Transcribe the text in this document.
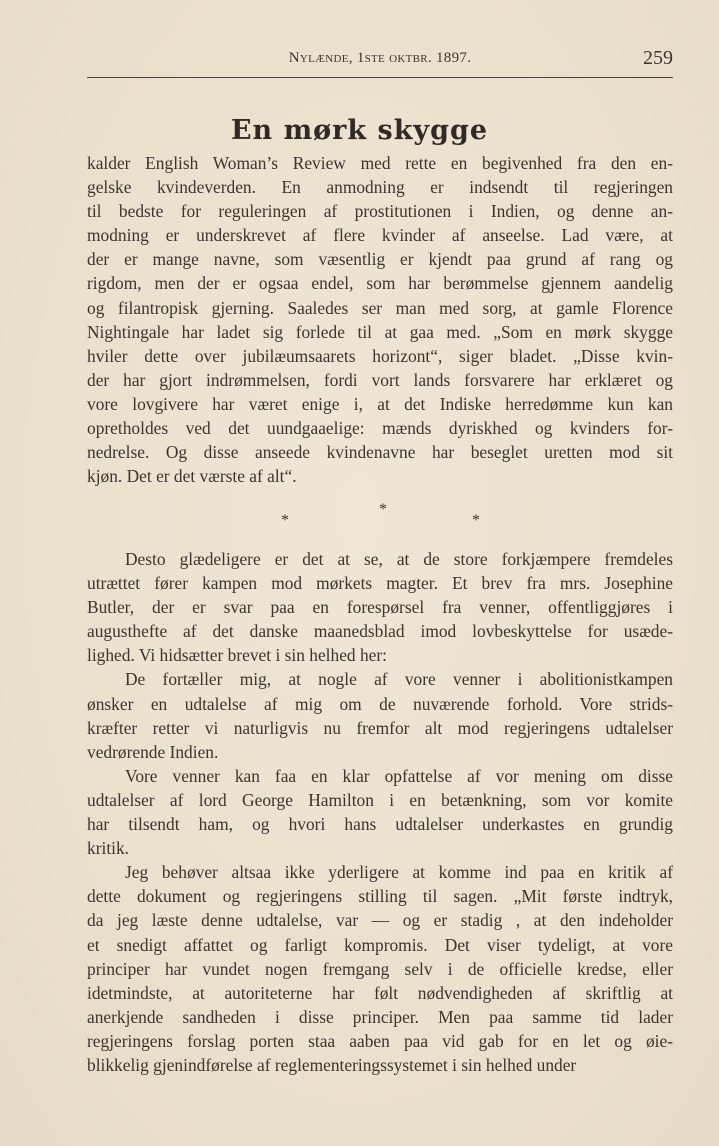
Nylænde, 1ste oktbr. 1897.	259
En mørk skygge
kalder English Woman’s Review med rette en begivenhed fra den en-
gelske kvindeverden. En anmodning er indsendt til regjeringen
til bedste for reguleringen af prostitutionen i Indien, og denne an-
modning er underskrevet af flere kvinder af anseelse. Lad være, at
der er mange navne, som væsentlig er kjendt paa grund af rang og
rigdom, men der er ogsaa endel, som har berømmelse gjennem aandelig
og filantropisk gjerning. Saaledes ser man med sorg, at gamle Florence
Nightingale har ladet sig forlede til at gaa med. „Som en mørk skygge
hviler dette over jubilæumsaarets horizont“, siger bladet. „Disse kvin-
der har gjort indrømmelsen, fordi vort lands forsvarere har erklæret og
vore lovgivere har været enige i, at det Indiske herredømme kun kan
opretholdes ved det uundgaaelige: mænds dyriskhed og kvinders for-
nedrelse. Og disse anseede kvindenavne har beseglet uretten mod sit
kjøn. Det er det værste af alt“.
*
*	*
Desto glædeligere er det at se, at de store forkjæmpere fremdeles
utrættet fører kampen mod mørkets magter. Et brev fra mrs. Josephine
Butler, der er svar paa en forespørsel fra venner, offentliggjøres i
augusthefte af det danske maanedsblad imod lovbeskyttelse for usæde-
lighed. Vi hidsætter brevet i sin helhed her:
De fortæller mig, at nogle af vore venner i abolitionistkampen
ønsker en udtalelse af mig om de nuværende forhold. Vore strids-
kræfter retter vi naturligvis nu fremfor alt mod regjeringens udtalelser
vedrørende Indien.
Vore venner kan faa en klar opfattelse af vor mening om disse
udtalelser af lord George Hamilton i en betænkning, som vor komite
har tilsendt ham, og hvori hans udtalelser underkastes en grundig
kritik.
Jeg behøver altsaa ikke yderligere at komme ind paa en kritik af
dette dokument og regjeringens stilling til sagen. „Mit første indtryk,
da jeg læste denne udtalelse, var — og er stadig , at den indeholder
et snedigt affattet og farligt kompromis. Det viser tydeligt, at vore
principer har vundet nogen fremgang selv i de officielle kredse, eller
idetmindste, at autoriteterne har følt nødvendigheden af skriftlig at
anerkjende sandheden i disse principer. Men paa samme tid lader
regjeringens forslag porten staa aaben paa vid gab for en let og øie-
blikkelig gjenindførelse af reglementeringssystemet i sin helhed under
